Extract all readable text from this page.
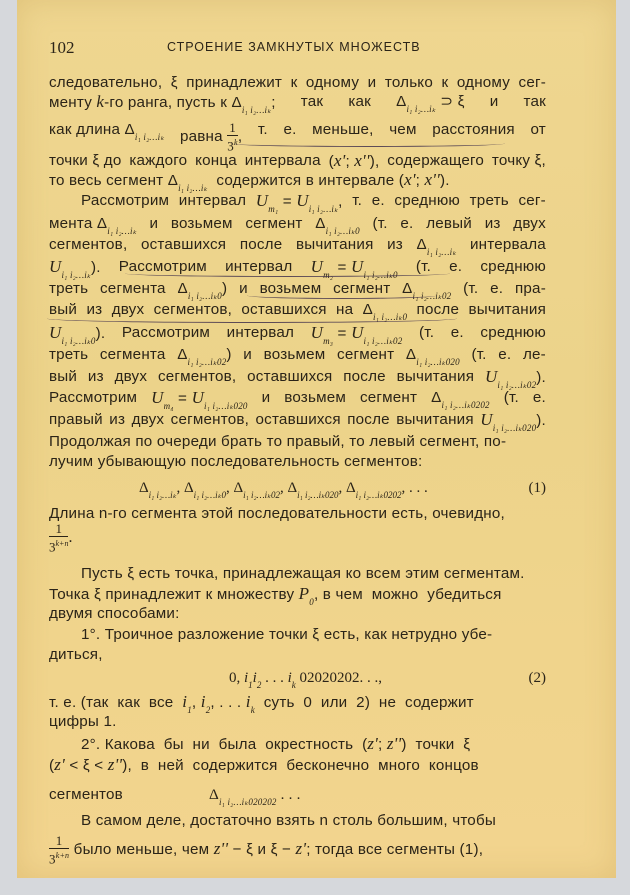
102	СТРОЕНИЕ ЗАМКНУТЫХ МНОЖЕСТВ
следовательно, ξ принадлежит к одному и только к одному сег-
менту k-го ранга, пусть к $\Delta_{i_1 i_2\dots i_k}$; так как $\Delta_{i_1 i_2\dots i_k}$ ⊃ ξ и так
как длина $\Delta_{i_1 i_2\dots i_k}$ равна $\frac{1}{3^k}$ , т. е. меньше, чем расстояния от
точки ξ до каждого конца интервала (x'; x''), содержащего точку ξ,
то весь сегмент $\Delta_{i_1 i_2\dots i_k}$  содержится в интервале (x'; x'').
Рассмотрим интервал $U_{m_1} = U_{i_1 i_2\dots i_k}$, т. е. среднюю треть сег-
мента $\Delta_{i_1 i_2\dots i_k}$ и возьмем сегмент $\Delta_{i_1 i_2\dots i_k0}$ (т. е. левый из двух
сегментов, оставшихся после вычитания из $\Delta_{i_1 i_2\dots i_k}$ интервала
$U_{i_1 i_2\dots i_k}$). Рассмотрим интервал $U_{m_2} = U_{i_1 i_2\dots i_k0}$ (т. е. среднюю
треть сегмента $\Delta_{i_1 i_2\dots i_k0}$) и возьмем сегмент $\Delta_{i_1 i_2\dots i_k02}$ (т. е. пра-
вый из двух сегментов, оставшихся на $\Delta_{i_1 i_2\dots i_k0}$ после вычитания
$U_{i_1 i_2\dots i_k0}$). Рассмотрим интервал $U_{m_3} = U_{i_1 i_2\dots i_k02}$ (т. е. среднюю
треть сегмента $\Delta_{i_1 i_2\dots i_k02}$) и возьмем сегмент $\Delta_{i_1 i_2\dots i_k020}$ (т. е. ле-
вый из двух сегментов, оставшихся после вычитания $U_{i_1 i_2\dots i_k02}$).
Рассмотрим $U_{m_4} = U_{i_1 i_2\dots i_k020}$ и возьмем сегмент $\Delta_{i_1 i_2\dots i_k0202}$ (т. е.
правый из двух сегментов, оставшихся после вычитания $U_{i_1 i_2\dots i_k020}$).
Продолжая по очереди брать то правый, то левый сегмент, по-
лучим убывающую последовательность сегментов:
$\Delta_{i_1 i_2\dots i_k}$, $\Delta_{i_1 i_2\dots i_k0}$, $\Delta_{i_1 i_2\dots i_k02}$, $\Delta_{i_1 i_2\dots i_k020}$, $\Delta_{i_1 i_2\dots i_k0202}$, . . .	(1)
Длина n-го сегмента этой последовательности есть, очевидно,
$\frac{1}{3^{k+n}}$ .
Пусть ξ есть точка, принадлежащая ко всем этим сегментам.
Точка ξ принадлежит к множеству $P_0$, в чем  можно  убедиться
двумя способами:
1°. Троичное разложение точки ξ есть, как нетрудно убе-
диться,
0, $i_1i_2$ . . . $i_k$ 02020202. . .,	(2)
т. е. (так  как  все  $i_1$, $i_2$, . . . $i_k$  суть  0  или  2)  не  содержит
цифры 1.
2°. Какова  бы  ни  была  окрестность  (z'; z'')  точки  ξ
(z' < ξ < z''),  в  ней  содержится  бесконечно  много  концов
сегментов	$\Delta_{i_1 i_2\dots i_k020202}$ . . .
В самом деле, достаточно взять n столь большим, чтобы
$\frac{1}{3^{k+n}}$ было меньше, чем z'' − ξ и ξ − z'; тогда все сегменты (1),
